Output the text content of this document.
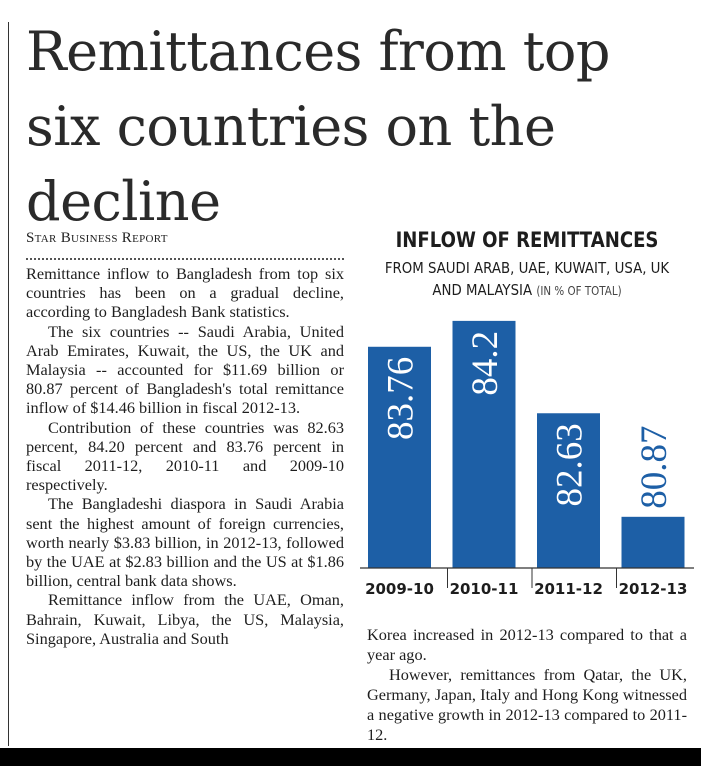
Remittances from top six countries on the decline
Star Business Report

Remittance inflow to Bangladesh from top six countries has been on a gradual decline, according to Bangladesh Bank statistics.

The six countries -- Saudi Arabia, United Arab Emirates, Kuwait, the US, the UK and Malaysia -- accounted for $11.69 billion or 80.87 percent of Bangladesh's total remittance inflow of $14.46 billion in fiscal 2012-13.

Contribution of these countries was 82.63 percent, 84.20 percent and 83.76 percent in fiscal 2011-12, 2010-11 and 2009-10 respectively.

The Bangladeshi diaspora in Saudi Arabia sent the highest amount of foreign currencies, worth nearly $3.83 billion, in 2012-13, followed by the UAE at $2.83 billion and the US at $1.86 billion, central bank data shows.

Remittance inflow from the UAE, Oman, Bahrain, Kuwait, Libya, the US, Malaysia, Singapore, Australia and South

INFLOW OF REMITTANCES
FROM SAUDI ARAB, UAE, KUWAIT, USA, UK AND MALAYSIA (IN % OF TOTAL)
83.76
2009-10
84.2
2010-11
82.63
2011-12
80.87
2012-13

Korea increased in 2012-13 compared to that a year ago.

However, remittances from Qatar, the UK, Germany, Japan, Italy and Hong Kong witnessed a negative growth in 2012-13 compared to 2011-12.
